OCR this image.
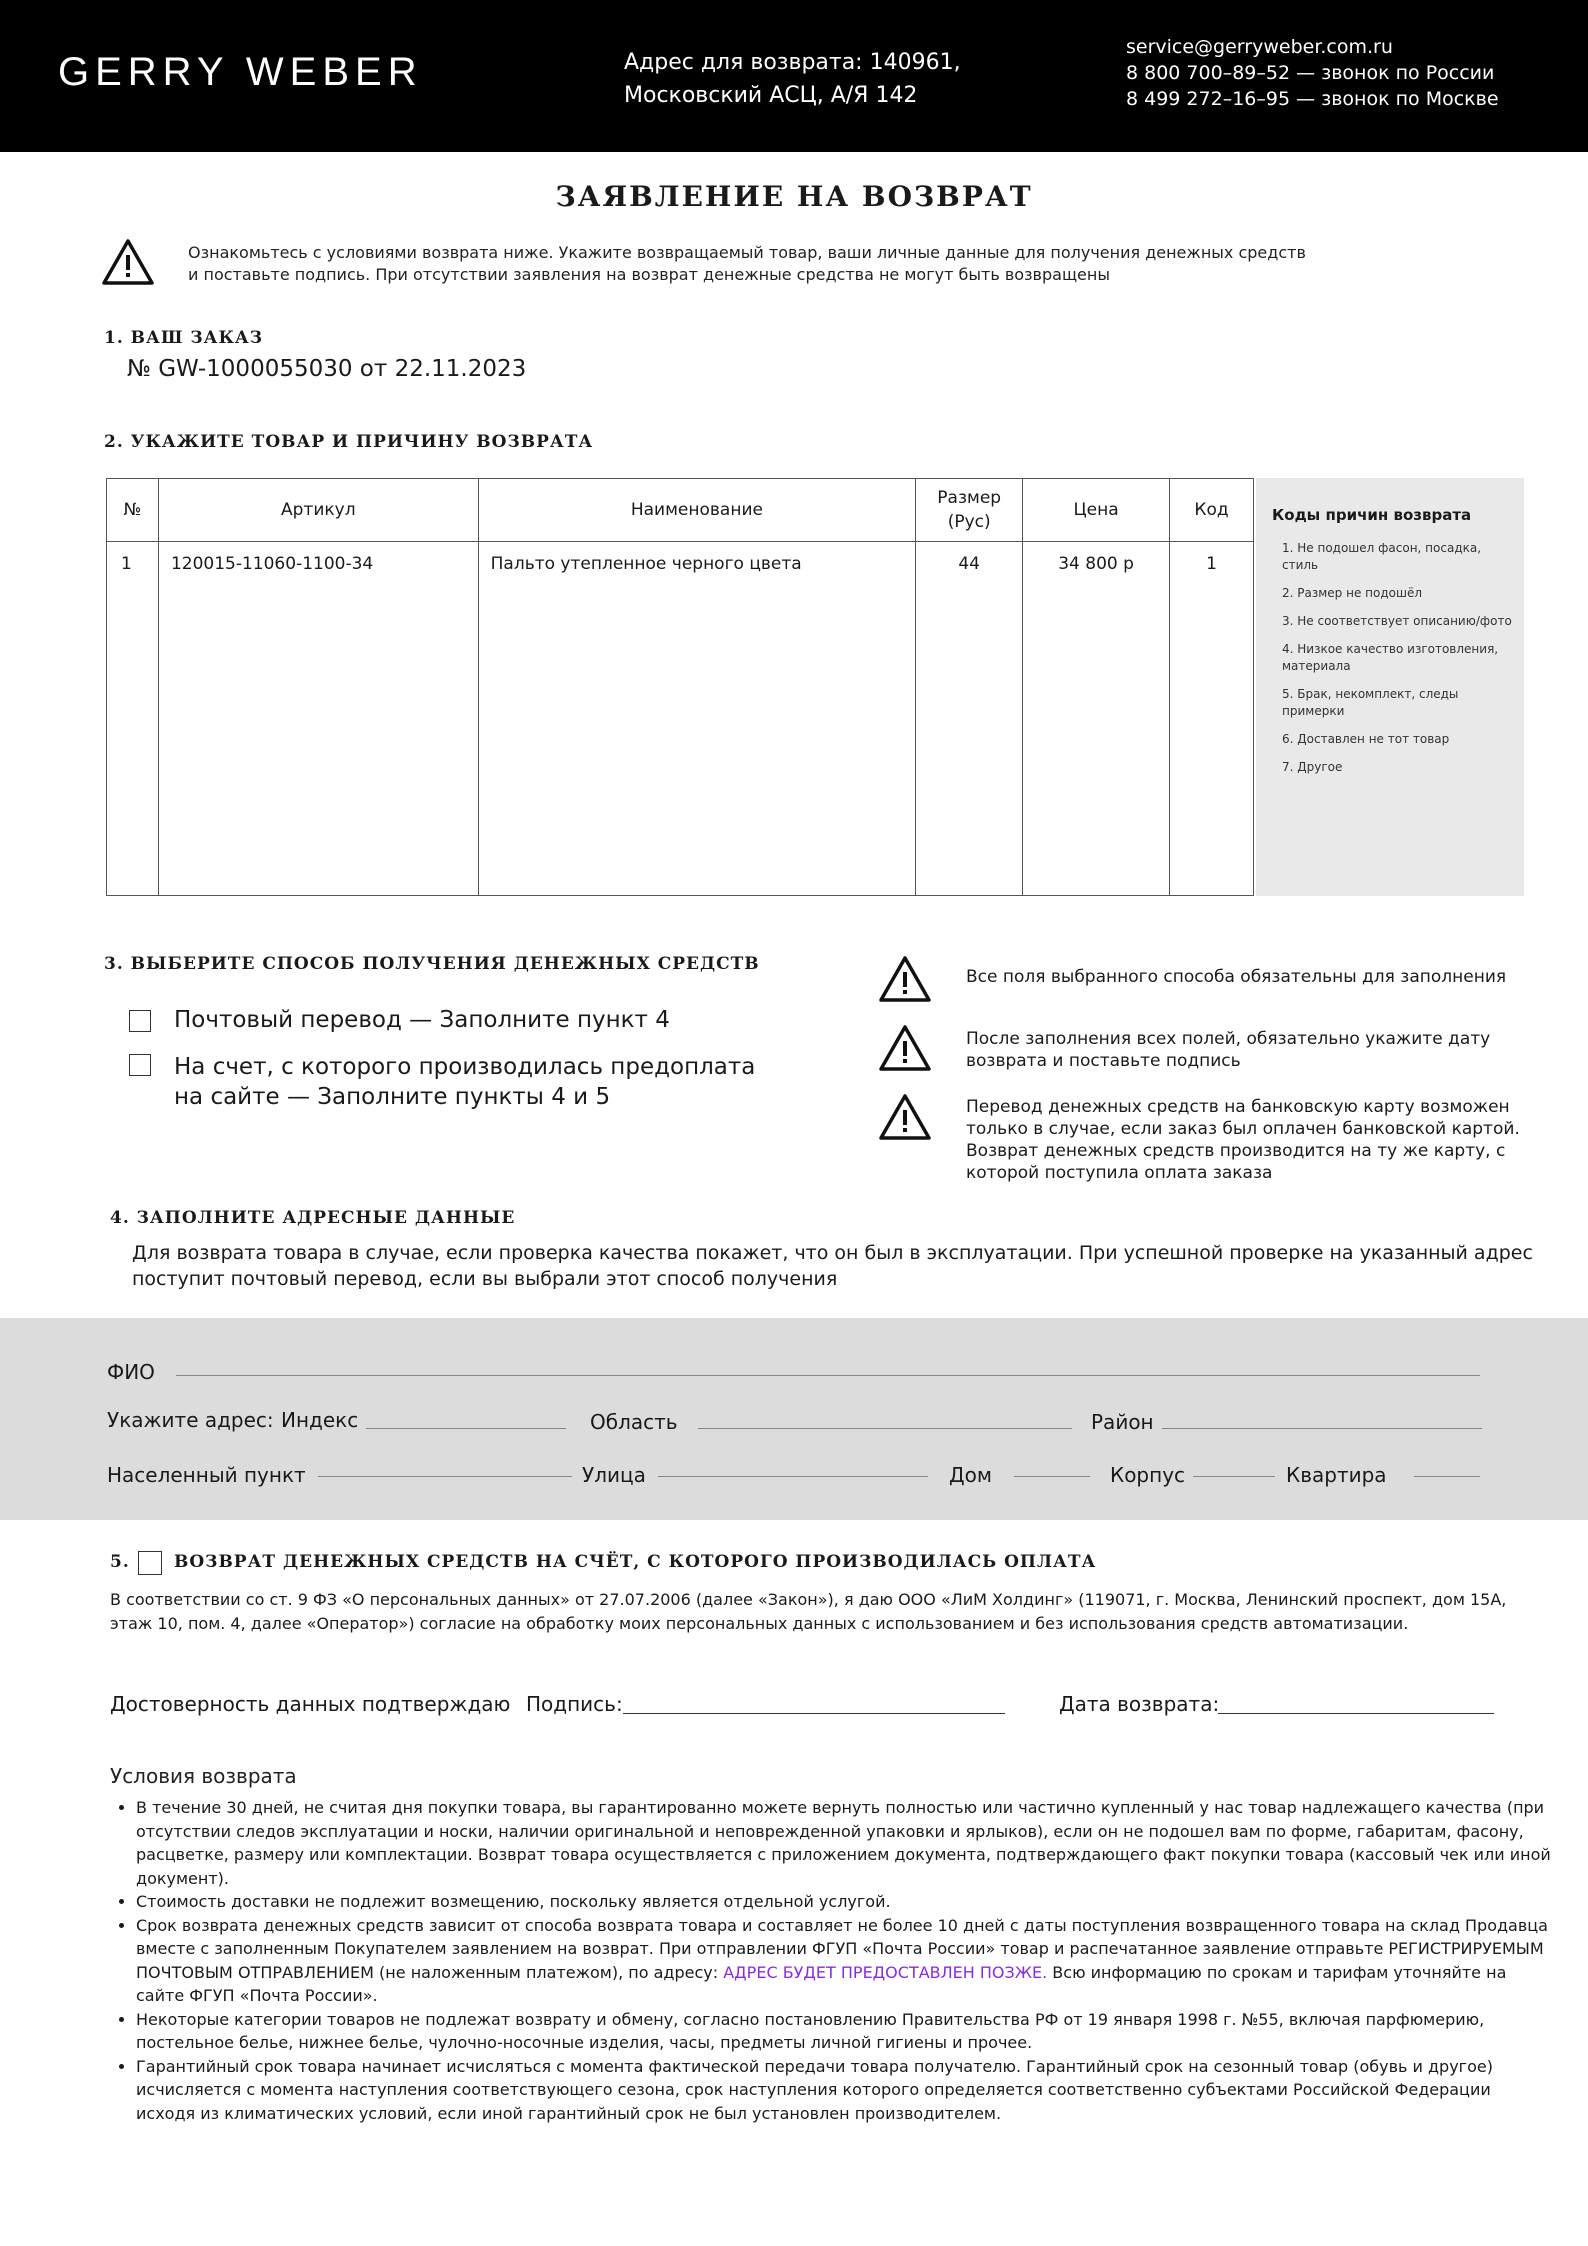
GERRY WEBER	Адрес для возврата: 140961,
Московский АСЦ, А/Я 142
service@gerryweber.com.ru
8 800 700–89–52 — звонок по России
8 499 272–16–95 — звонок по Москве
ЗАЯВЛЕНИЕ НА ВОЗВРАТ
Ознакомьтесь с условиями возврата ниже. Укажите возвращаемый товар, ваши личные данные для получения денежных средств
и поставьте подпись. При отсутствии заявления на возврат денежные средства не могут быть возвращены
1. ВАШ ЗАКАЗ
№ GW-1000055030 от 22.11.2023
2. УКАЖИТЕ ТОВАР И ПРИЧИНУ ВОЗВРАТА
№	Артикул	Наименование	Размер (Рус)	Цена	Код
1	120015-11060-1100-34	Пальто утепленное черного цвета	44	34 800 р	1
Коды причин возврата
1. Не подошел фасон, посадка, стиль
2. Размер не подошёл
3. Не соответствует описанию/фото
4. Низкое качество изготовления, материала
5. Брак, некомплект, следы примерки
6. Доставлен не тот товар
7. Другое
3. ВЫБЕРИТЕ СПОСОБ ПОЛУЧЕНИЯ ДЕНЕЖНЫХ СРЕДСТВ
Почтовый перевод — Заполните пункт 4
На счет, с которого производилась предоплата
на сайте — Заполните пункты 4 и 5
Все поля выбранного способа обязательны для заполнения
После заполнения всех полей, обязательно укажите дату
возврата и поставьте подпись
Перевод денежных средств на банковскую карту возможен
только в случае, если заказ был оплачен банковской картой.
Возврат денежных средств производится на ту же карту, с
которой поступила оплата заказа
4. ЗАПОЛНИТЕ АДРЕСНЫЕ ДАННЫЕ
Для возврата товара в случае, если проверка качества покажет, что он был в эксплуатации. При успешной проверке на указанный адрес
поступит почтовый перевод, если вы выбрали этот способ получения
ФИО
Укажите адрес: Индекс	Область	Район
Населенный пункт	Улица	Дом	Корпус	Квартира
5.	ВОЗВРАТ ДЕНЕЖНЫХ СРЕДСТВ НА СЧЁТ, С КОТОРОГО ПРОИЗВОДИЛАСЬ ОПЛАТА
В соответствии со ст. 9 ФЗ «О персональных данных» от 27.07.2006 (далее «Закон»), я даю ООО «ЛиМ Холдинг» (119071, г. Москва, Ленинский проспект, дом 15А,
этаж 10, пом. 4, далее «Оператор») согласие на обработку моих персональных данных с использованием и без использования средств автоматизации.
Достоверность данных подтверждаю Подпись:	Дата возврата:
Условия возврата
• В течение 30 дней, не считая дня покупки товара, вы гарантированно можете вернуть полностью или частично купленный у нас товар надлежащего качества (при отсутствии следов эксплуатации и носки, наличии оригинальной и неповрежденной упаковки и ярлыков), если он не подошел вам по форме, габаритам, фасону, расцветке, размеру или комплектации. Возврат товара осуществляется с приложением документа, подтверждающего факт покупки товара (кассовый чек или иной документ).
• Стоимость доставки не подлежит возмещению, поскольку является отдельной услугой.
• Срок возврата денежных средств зависит от способа возврата товара и составляет не более 10 дней с даты поступления возвращенного товара на склад Продавца вместе с заполненным Покупателем заявлением на возврат. При отправлении ФГУП «Почта России» товар и распечатанное заявление отправьте РЕГИСТРИРУЕМЫМ ПОЧТОВЫМ ОТПРАВЛЕНИЕМ (не наложенным платежом), по адресу: АДРЕС БУДЕТ ПРЕДОСТАВЛЕН ПОЗЖЕ. Всю информацию по срокам и тарифам уточняйте на сайте ФГУП «Почта России».
• Некоторые категории товаров не подлежат возврату и обмену, согласно постановлению Правительства РФ от 19 января 1998 г. №55, включая парфюмерию, постельное белье, нижнее белье, чулочно-носочные изделия, часы, предметы личной гигиены и прочее.
• Гарантийный срок товара начинает исчисляться с момента фактической передачи товара получателю. Гарантийный срок на сезонный товар (обувь и другое) исчисляется с момента наступления соответствующего сезона, срок наступления которого определяется соответственно субъектами Российской Федерации исходя из климатических условий, если иной гарантийный срок не был установлен производителем.
